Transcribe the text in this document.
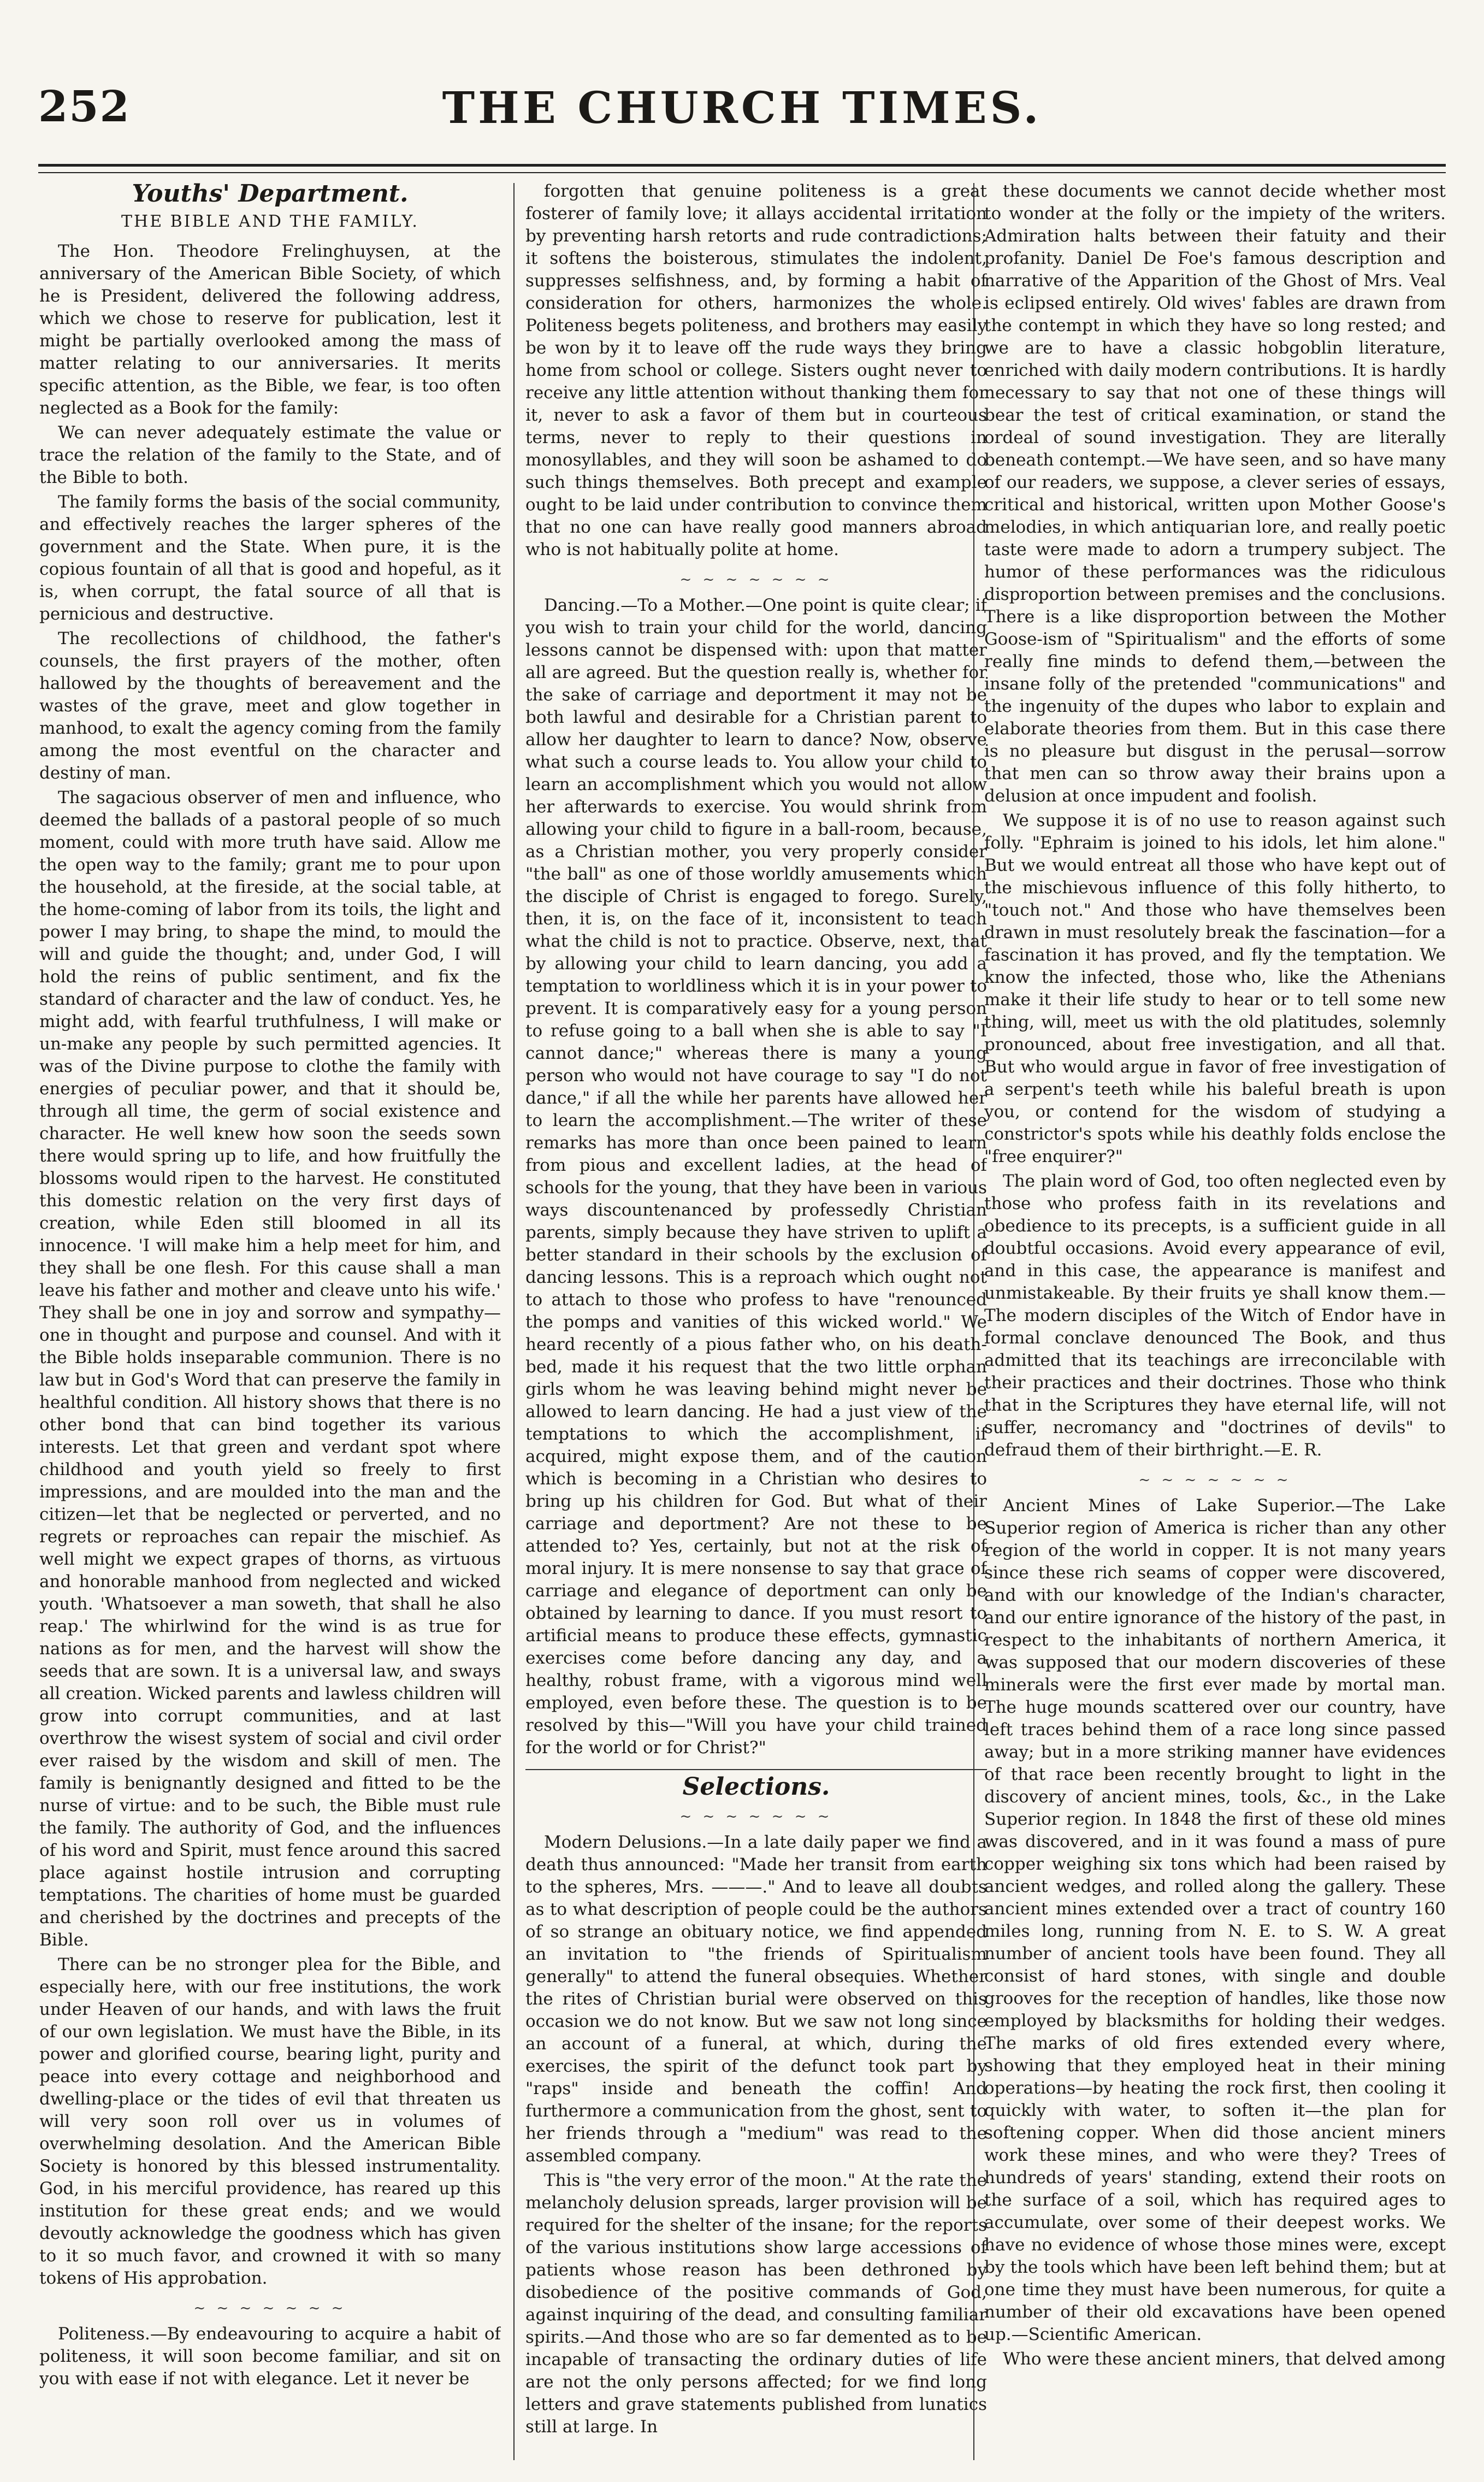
252	THE CHURCH TIMES.
Youths' Department.
THE BIBLE AND THE FAMILY.

The Hon. Theodore Frelinghuysen, at the anniversary of the American Bible Society, of which he is President, delivered the following address, which we chose to reserve for publication, lest it might be partially overlooked among the mass of matter relating to our anniversaries. It merits specific attention, as the Bible, we fear, is too often neglected as a Book for the family:

We can never adequately estimate the value or trace the relation of the family to the State, and of the Bible to both.

The family forms the basis of the social community, and effectively reaches the larger spheres of the government and the State. When pure, it is the copious fountain of all that is good and hopeful, as it is, when corrupt, the fatal source of all that is pernicious and destructive.

The recollections of childhood, the father's counsels, the first prayers of the mother, often hallowed by the thoughts of bereavement and the wastes of the grave, meet and glow together in manhood, to exalt the agency coming from the family among the most eventful on the character and destiny of man.

The sagacious observer of men and influence, who deemed the ballads of a pastoral people of so much moment, could with more truth have said. Allow me the open way to the family; grant me to pour upon the household, at the fireside, at the social table, at the home-coming of labor from its toils, the light and power I may bring, to shape the mind, to mould the will and guide the thought; and, under God, I will hold the reins of public sentiment, and fix the standard of character and the law of conduct. Yes, he might add, with fearful truthfulness, I will make or un-make any people by such permitted agencies. It was of the Divine purpose to clothe the family with energies of peculiar power, and that it should be, through all time, the germ of social existence and character. He well knew how soon the seeds sown there would spring up to life, and how fruitfully the blossoms would ripen to the harvest. He constituted this domestic relation on the very first days of creation, while Eden still bloomed in all its innocence. 'I will make him a help meet for him, and they shall be one flesh. For this cause shall a man leave his father and mother and cleave unto his wife.' They shall be one in joy and sorrow and sympathy—one in thought and purpose and counsel. And with it the Bible holds inseparable communion. There is no law but in God's Word that can preserve the family in healthful condition. All history shows that there is no other bond that can bind together its various interests. Let that green and verdant spot where childhood and youth yield so freely to first impressions, and are moulded into the man and the citizen—let that be neglected or perverted, and no regrets or reproaches can repair the mischief. As well might we expect grapes of thorns, as virtuous and honorable manhood from neglected and wicked youth. 'Whatsoever a man soweth, that shall he also reap.' The whirlwind for the wind is as true for nations as for men, and the harvest will show the seeds that are sown. It is a universal law, and sways all creation. Wicked parents and lawless children will grow into corrupt communities, and at last overthrow the wisest system of social and civil order ever raised by the wisdom and skill of men. The family is benignantly designed and fitted to be the nurse of virtue: and to be such, the Bible must rule the family. The authority of God, and the influences of his word and Spirit, must fence around this sacred place against hostile intrusion and corrupting temptations. The charities of home must be guarded and cherished by the doctrines and precepts of the Bible.

There can be no stronger plea for the Bible, and especially here, with our free institutions, the work under Heaven of our hands, and with laws the fruit of our own legislation. We must have the Bible, in its power and glorified course, bearing light, purity and peace into every cottage and neighborhood and dwelling-place or the tides of evil that threaten us will very soon roll over us in volumes of overwhelming desolation. And the American Bible Society is honored by this blessed instrumentality. God, in his merciful providence, has reared up this institution for these great ends; and we would devoutly acknowledge the goodness which has given to it so much favor, and crowned it with so many tokens of His approbation.

~ ~ ~ ~ ~ ~ ~

Politeness.—By endeavouring to acquire a habit of politeness, it will soon become familiar, and sit on you with ease if not with elegance. Let it never be

forgotten that genuine politeness is a great fosterer of family love; it allays accidental irritation by preventing harsh retorts and rude contradictions; it softens the boisterous, stimulates the indolent, suppresses selfishness, and, by forming a habit of consideration for others, harmonizes the whole. Politeness begets politeness, and brothers may easily be won by it to leave off the rude ways they bring home from school or college. Sisters ought never to receive any little attention without thanking them for it, never to ask a favor of them but in courteous terms, never to reply to their questions in monosyllables, and they will soon be ashamed to do such things themselves. Both precept and example ought to be laid under contribution to convince them that no one can have really good manners abroad who is not habitually polite at home.

~ ~ ~ ~ ~ ~ ~

Dancing.—To a Mother.—One point is quite clear; if you wish to train your child for the world, dancing lessons cannot be dispensed with: upon that matter all are agreed. But the question really is, whether for the sake of carriage and deportment it may not be both lawful and desirable for a Christian parent to allow her daughter to learn to dance? Now, observe what such a course leads to. You allow your child to learn an accomplishment which you would not allow her afterwards to exercise. You would shrink from allowing your child to figure in a ball-room, because, as a Christian mother, you very properly consider "the ball" as one of those worldly amusements which the disciple of Christ is engaged to forego. Surely, then, it is, on the face of it, inconsistent to teach what the child is not to practice. Observe, next, that by allowing your child to learn dancing, you add a temptation to worldliness which it is in your power to prevent. It is comparatively easy for a young person to refuse going to a ball when she is able to say "I cannot dance;" whereas there is many a young person who would not have courage to say "I do not dance," if all the while her parents have allowed her to learn the accomplishment.—The writer of these remarks has more than once been pained to learn from pious and excellent ladies, at the head of schools for the young, that they have been in various ways discountenanced by professedly Christian parents, simply because they have striven to uplift a better standard in their schools by the exclusion of dancing lessons. This is a reproach which ought not to attach to those who profess to have "renounced the pomps and vanities of this wicked world." We heard recently of a pious father who, on his death-bed, made it his request that the two little orphan girls whom he was leaving behind might never be allowed to learn dancing. He had a just view of the temptations to which the accomplishment, if acquired, might expose them, and of the caution which is becoming in a Christian who desires to bring up his children for God. But what of their carriage and deportment? Are not these to be attended to? Yes, certainly, but not at the risk of moral injury. It is mere nonsense to say that grace of carriage and elegance of deportment can only be obtained by learning to dance. If you must resort to artificial means to produce these effects, gymnastic exercises come before dancing any day, and a healthy, robust frame, with a vigorous mind well employed, even before these. The question is to be resolved by this—"Will you have your child trained for the world or for Christ?"

Selections.
~ ~ ~ ~ ~ ~ ~

Modern Delusions.—In a late daily paper we find a death thus announced: "Made her transit from earth to the spheres, Mrs. ———." And to leave all doubts as to what description of people could be the authors of so strange an obituary notice, we find appended an invitation to "the friends of Spiritualism generally" to attend the funeral obsequies. Whether the rites of Christian burial were observed on this occasion we do not know. But we saw not long since an account of a funeral, at which, during the exercises, the spirit of the defunct took part by "raps" inside and beneath the coffin! And furthermore a communication from the ghost, sent to her friends through a "medium" was read to the assembled company.

This is "the very error of the moon." At the rate the melancholy delusion spreads, larger provision will be required for the shelter of the insane; for the reports of the various institutions show large accessions of patients whose reason has been dethroned by disobedience of the positive commands of God, against inquiring of the dead, and consulting familiar spirits.—And those who are so far demented as to be incapable of transacting the ordinary duties of life are not the only persons affected; for we find long letters and grave statements published from lunatics still at large. In

these documents we cannot decide whether most to wonder at the folly or the impiety of the writers. Admiration halts between their fatuity and their profanity. Daniel De Foe's famous description and narrative of the Apparition of the Ghost of Mrs. Veal is eclipsed entirely. Old wives' fables are drawn from the contempt in which they have so long rested; and we are to have a classic hobgoblin literature, enriched with daily modern contributions. It is hardly necessary to say that not one of these things will bear the test of critical examination, or stand the ordeal of sound investigation. They are literally beneath contempt.—We have seen, and so have many of our readers, we suppose, a clever series of essays, critical and historical, written upon Mother Goose's melodies, in which antiquarian lore, and really poetic taste were made to adorn a trumpery subject. The humor of these performances was the ridiculous disproportion between premises and the conclusions. There is a like disproportion between the Mother Goose-ism of "Spiritualism" and the efforts of some really fine minds to defend them,—between the insane folly of the pretended "communications" and the ingenuity of the dupes who labor to explain and elaborate theories from them. But in this case there is no pleasure but disgust in the perusal—sorrow that men can so throw away their brains upon a delusion at once impudent and foolish.

We suppose it is of no use to reason against such folly. "Ephraim is joined to his idols, let him alone." But we would entreat all those who have kept out of the mischievous influence of this folly hitherto, to "touch not." And those who have themselves been drawn in must resolutely break the fascination—for a fascination it has proved, and fly the temptation. We know the infected, those who, like the Athenians make it their life study to hear or to tell some new thing, will, meet us with the old platitudes, solemnly pronounced, about free investigation, and all that. But who would argue in favor of free investigation of a serpent's teeth while his baleful breath is upon you, or contend for the wisdom of studying a constrictor's spots while his deathly folds enclose the "free enquirer?"

The plain word of God, too often neglected even by those who profess faith in its revelations and obedience to its precepts, is a sufficient guide in all doubtful occasions. Avoid every appearance of evil, and in this case, the appearance is manifest and unmistakeable. By their fruits ye shall know them.—The modern disciples of the Witch of Endor have in formal conclave denounced The Book, and thus admitted that its teachings are irreconcilable with their practices and their doctrines. Those who think that in the Scriptures they have eternal life, will not suffer, necromancy and "doctrines of devils" to defraud them of their birthright.—E. R.

~ ~ ~ ~ ~ ~ ~

Ancient Mines of Lake Superior.—The Lake Superior region of America is richer than any other region of the world in copper. It is not many years since these rich seams of copper were discovered, and with our knowledge of the Indian's character, and our entire ignorance of the history of the past, in respect to the inhabitants of northern America, it was supposed that our modern discoveries of these minerals were the first ever made by mortal man. The huge mounds scattered over our country, have left traces behind them of a race long since passed away; but in a more striking manner have evidences of that race been recently brought to light in the discovery of ancient mines, tools, &c., in the Lake Superior region. In 1848 the first of these old mines was discovered, and in it was found a mass of pure copper weighing six tons which had been raised by ancient wedges, and rolled along the gallery. These ancient mines extended over a tract of country 160 miles long, running from N. E. to S. W. A great number of ancient tools have been found. They all consist of hard stones, with single and double grooves for the reception of handles, like those now employed by blacksmiths for holding their wedges. The marks of old fires extended every where, showing that they employed heat in their mining operations—by heating the rock first, then cooling it quickly with water, to soften it—the plan for softening copper. When did those ancient miners work these mines, and who were they? Trees of hundreds of years' standing, extend their roots on the surface of a soil, which has required ages to accumulate, over some of their deepest works. We have no evidence of whose those mines were, except by the tools which have been left behind them; but at one time they must have been numerous, for quite a number of their old excavations have been opened up.—Scientific American.

Who were these ancient miners, that delved among
